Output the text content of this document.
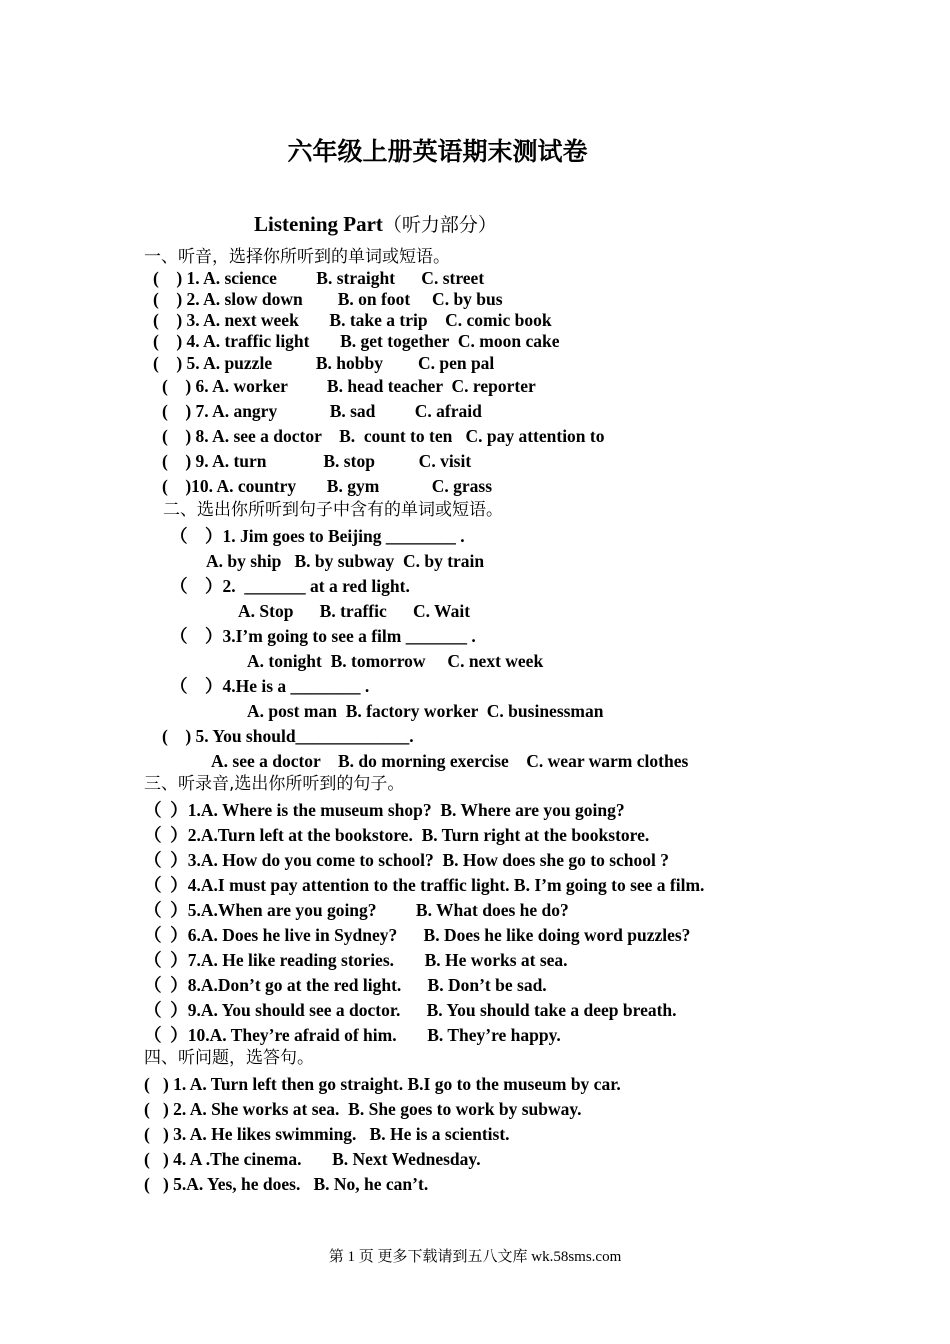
六年级上册英语期末测试卷
Listening Part（听力部分）
一、听音，选择你所听到的单词或短语。
(    ) 1. A. science         B. straight      C. street
(    ) 2. A. slow down        B. on foot     C. by bus
(    ) 3. A. next week       B. take a trip    C. comic book
(    ) 4. A. traffic light       B. get together  C. moon cake
(    ) 5. A. puzzle          B. hobby        C. pen pal
(    ) 6. A. worker         B. head teacher  C. reporter
(    ) 7. A. angry            B. sad         C. afraid
(    ) 8. A. see a doctor    B.  count to ten   C. pay attention to
(    ) 9. A. turn             B. stop          C. visit
(    )10. A. country       B. gym            C. grass
二、选出你所听到句子中含有的单词或短语。
（    ）1. Jim goes to Beijing ________ .
A. by ship   B. by subway  C. by train
（    ）2.  _______ at a red light.
A. Stop      B. traffic      C. Wait
（    ）3.I’m going to see a film _______ .
A. tonight  B. tomorrow     C. next week
（    ）4.He is a ________ .
A. post man  B. factory worker  C. businessman
(    ) 5. You should_____________.
A. see a doctor    B. do morning exercise    C. wear warm clothes
三、听录音,选出你所听到的句子。
（  ）1.A. Where is the museum shop?  B. Where are you going?
（  ）2.A.Turn left at the bookstore.  B. Turn right at the bookstore.
（  ）3.A. How do you come to school?  B. How does she go to school ?
（  ）4.A.I must pay attention to the traffic light. B. I’m going to see a film.
（  ）5.A.When are you going?         B. What does he do?
（  ）6.A. Does he live in Sydney?      B. Does he like doing word puzzles?
（  ）7.A. He like reading stories.       B. He works at sea.
（  ）8.A.Don’t go at the red light.      B. Don’t be sad.
（  ）9.A. You should see a doctor.      B. You should take a deep breath.
（  ）10.A. They’re afraid of him.       B. They’re happy.
四、听问题，选答句。
(   ) 1. A. Turn left then go straight. B.I go to the museum by car.
(   ) 2. A. She works at sea.  B. She goes to work by subway.
(   ) 3. A. He likes swimming.   B. He is a scientist.
(   ) 4. A .The cinema.       B. Next Wednesday.
(   ) 5.A. Yes, he does.   B. No, he can’t.
第 1 页 更多下载请到五八文库 wk.58sms.com
